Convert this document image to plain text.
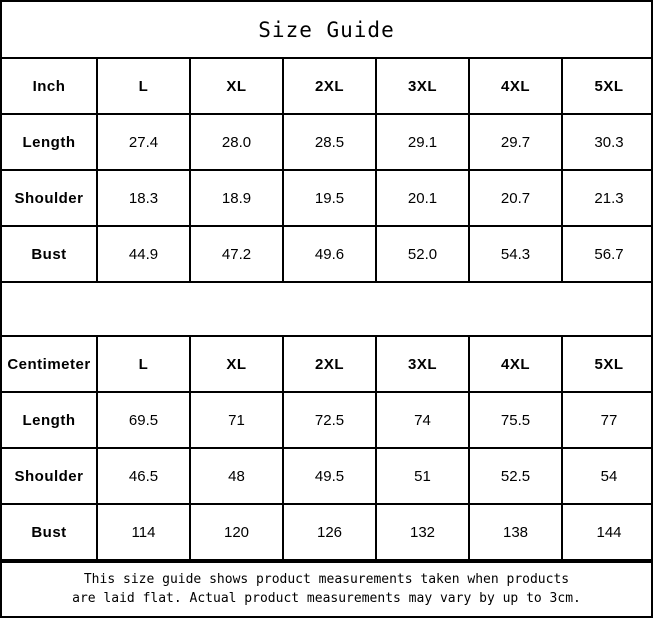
Size Guide
Inch	L	XL	2XL	3XL	4XL	5XL
Length	27.4	28.0	28.5	29.1	29.7	30.3
Shoulder	18.3	18.9	19.5	20.1	20.7	21.3
Bust	44.9	47.2	49.6	52.0	54.3	56.7
Centimeter	L	XL	2XL	3XL	4XL	5XL
Length	69.5	71	72.5	74	75.5	77
Shoulder	46.5	48	49.5	51	52.5	54
Bust	114	120	126	132	138	144
This size guide shows product measurements taken when products
are laid flat. Actual product measurements may vary by up to 3cm.
